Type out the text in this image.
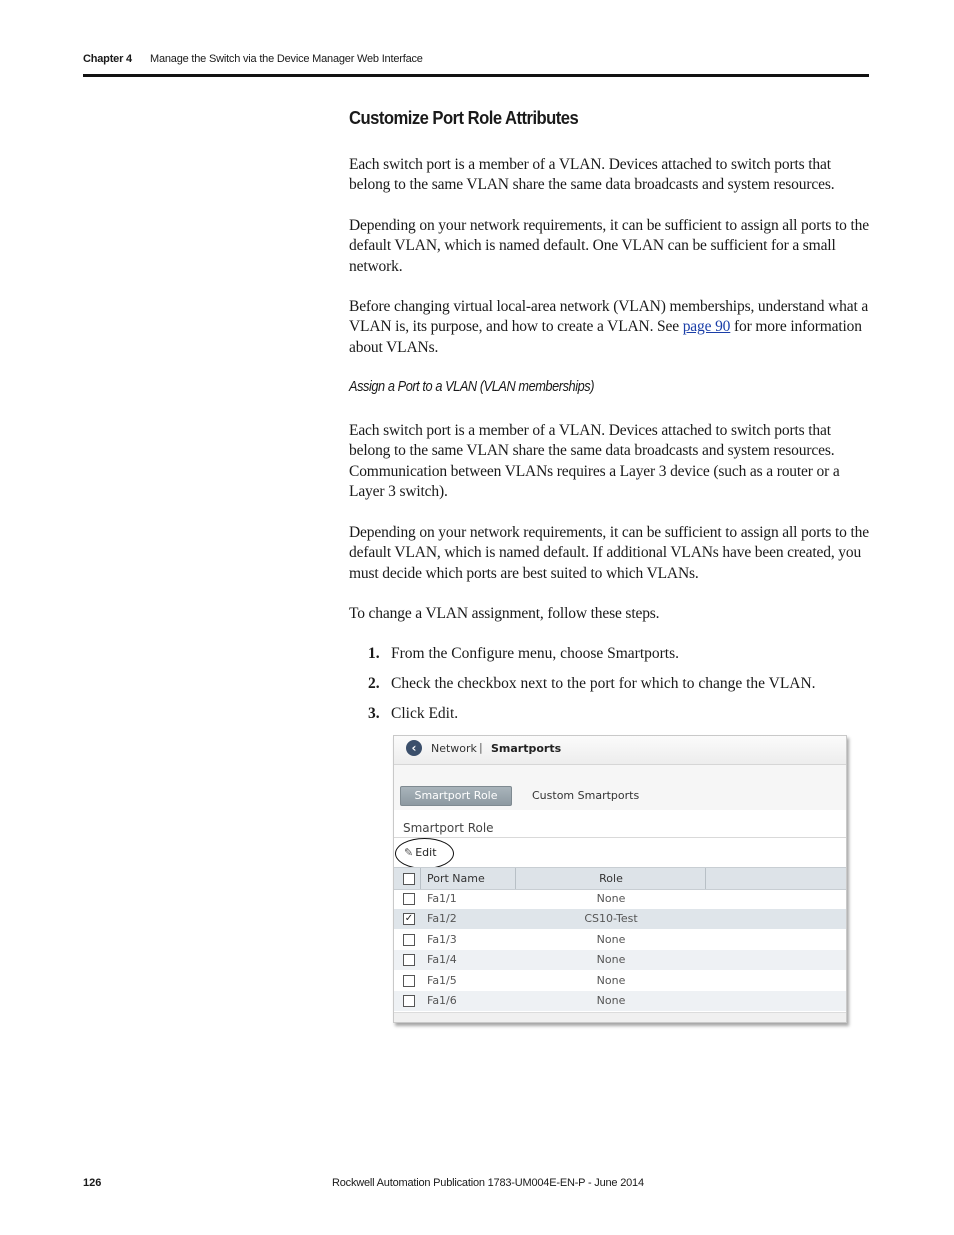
Chapter 4 Manage the Switch via the Device Manager Web Interface
Customize Port Role Attributes

Each switch port is a member of a VLAN. Devices attached to switch ports that belong to the same VLAN share the same data broadcasts and system resources.

Depending on your network requirements, it can be sufficient to assign all ports to the default VLAN, which is named default. One VLAN can be sufficient for a small network.

Before changing virtual local-area network (VLAN) memberships, understand what a VLAN is, its purpose, and how to create a VLAN. See page 90 for more information about VLANs.

Assign a Port to a VLAN (VLAN memberships)

Each switch port is a member of a VLAN. Devices attached to switch ports that belong to the same VLAN share the same data broadcasts and system resources. Communication between VLANs requires a Layer 3 device (such as a router or a Layer 3 switch).

Depending on your network requirements, it can be sufficient to assign all ports to the default VLAN, which is named default. If additional VLANs have been created, you must decide which ports are best suited to which VLANs.

To change a VLAN assignment, follow these steps.

1. From the Configure menu, choose Smartports.
2. Check the checkbox next to the port for which to change the VLAN.
3. Click Edit.
‹	Network | Smartports
Smartport Role	Custom Smartports
Smartport Role
✎ Edit
Port Name	Role
Fa1/1	None
✓ Fa1/2	CS10-Test
Fa1/3	None
Fa1/4	None
Fa1/5	None
Fa1/6	None
126	Rockwell Automation Publication 1783-UM004E-EN-P - June 2014
